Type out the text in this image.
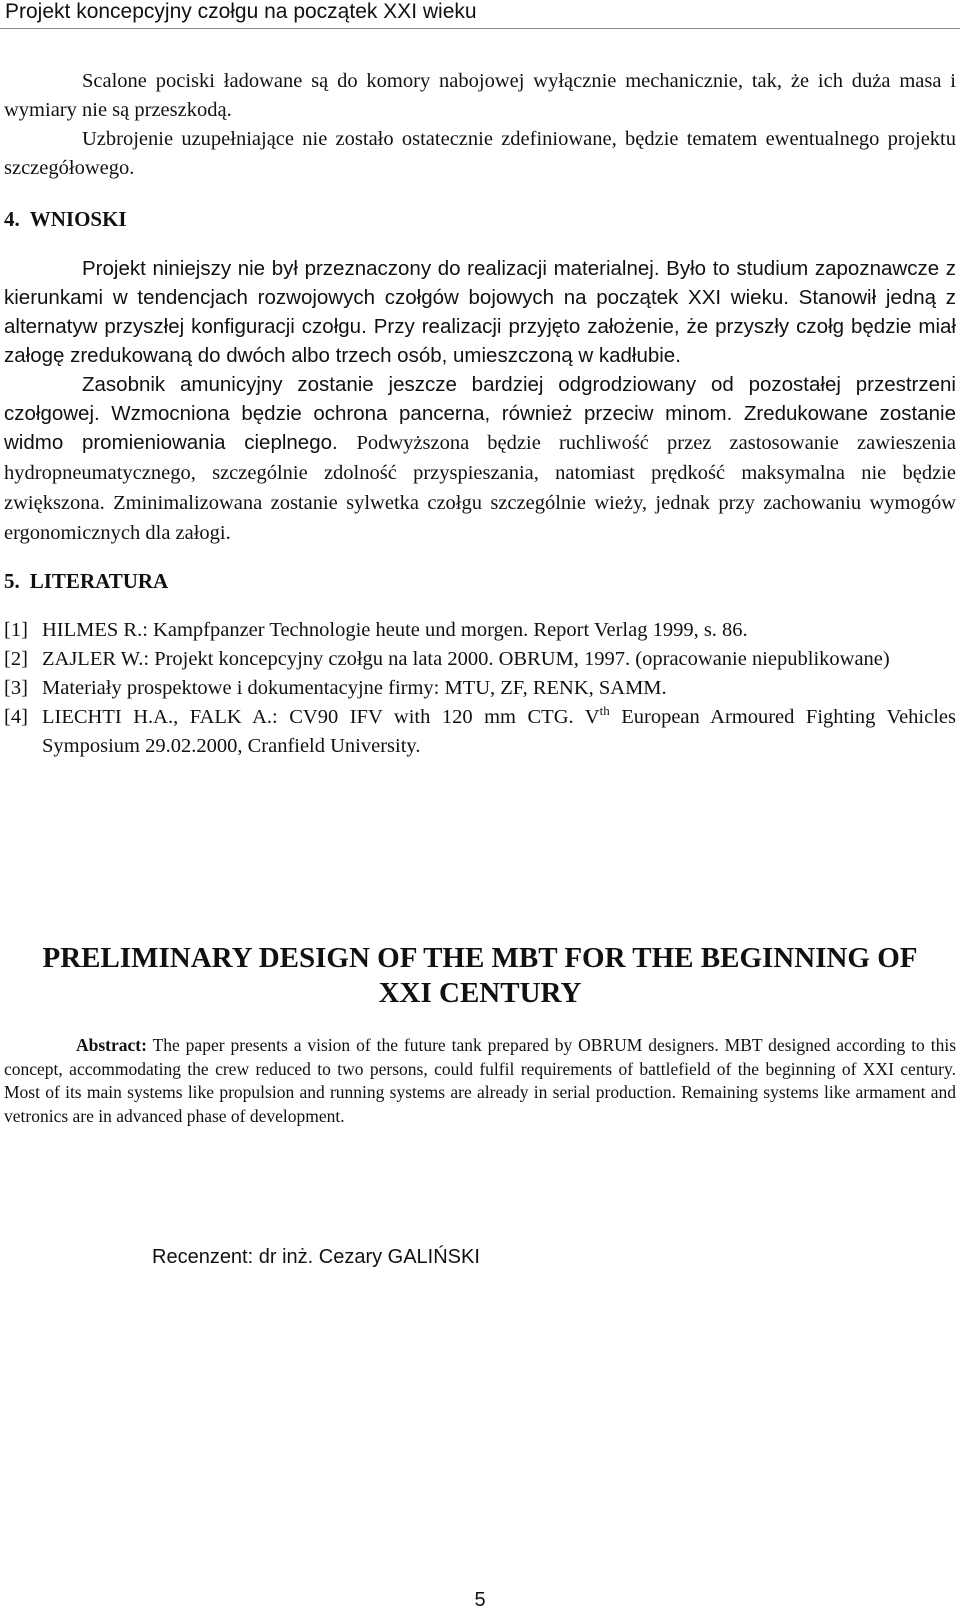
Projekt koncepcyjny czołgu na początek XXI wieku

Scalone pociski ładowane są do komory nabojowej wyłącznie mechanicznie, tak, że ich duża masa i wymiary nie są przeszkodą.

Uzbrojenie uzupełniające nie zostało ostatecznie zdefiniowane, będzie tematem ewentualnego projektu szczegółowego.

4. WNIOSKI

Projekt niniejszy nie był przeznaczony do realizacji materialnej. Było to studium zapoznawcze z kierunkami w tendencjach rozwojowych czołgów bojowych na początek XXI wieku. Stanowił jedną z alternatyw przyszłej konfiguracji czołgu. Przy realizacji przyjęto założenie, że przyszły czołg będzie miał załogę zredukowaną do dwóch albo trzech osób, umieszczoną w kadłubie.

Zasobnik amunicyjny zostanie jeszcze bardziej odgrodziowany od pozostałej przestrzeni czołgowej. Wzmocniona będzie ochrona pancerna, również przeciw minom. Zredukowane zostanie widmo promieniowania cieplnego. Podwyższona będzie ruchliwość przez zastosowanie zawieszenia hydropneumatycznego, szczególnie zdolność przyspieszania, natomiast prędkość maksymalna nie będzie zwiększona. Zminimalizowana zostanie sylwetka czołgu szczególnie wieży, jednak przy zachowaniu wymogów ergonomicznych dla załogi.

5. LITERATURA
[1] HILMES R.: Kampfpanzer Technologie heute und morgen. Report Verlag 1999, s. 86.
[2] ZAJLER W.: Projekt koncepcyjny czołgu na lata 2000. OBRUM, 1997. (opracowanie niepublikowane)
[3] Materiały prospektowe i dokumentacyjne firmy: MTU, ZF, RENK, SAMM.
[4] LIECHTI H.A., FALK A.: CV90 IFV with 120 mm CTG. Vth European Armoured Fighting Vehicles Symposium 29.02.2000, Cranfield University.
PRELIMINARY DESIGN OF THE MBT FOR THE BEGINNING OF
XXI CENTURY
Abstract: The paper presents a vision of the future tank prepared by OBRUM designers. MBT designed according to this concept, accommodating the crew reduced to two persons, could fulfil requirements of battlefield of the beginning of XXI century. Most of its main systems like propulsion and running systems are already in serial production. Remaining systems like armament and vetronics are in advanced phase of development.
Recenzent: dr inż. Cezary GALIŃSKI
5
